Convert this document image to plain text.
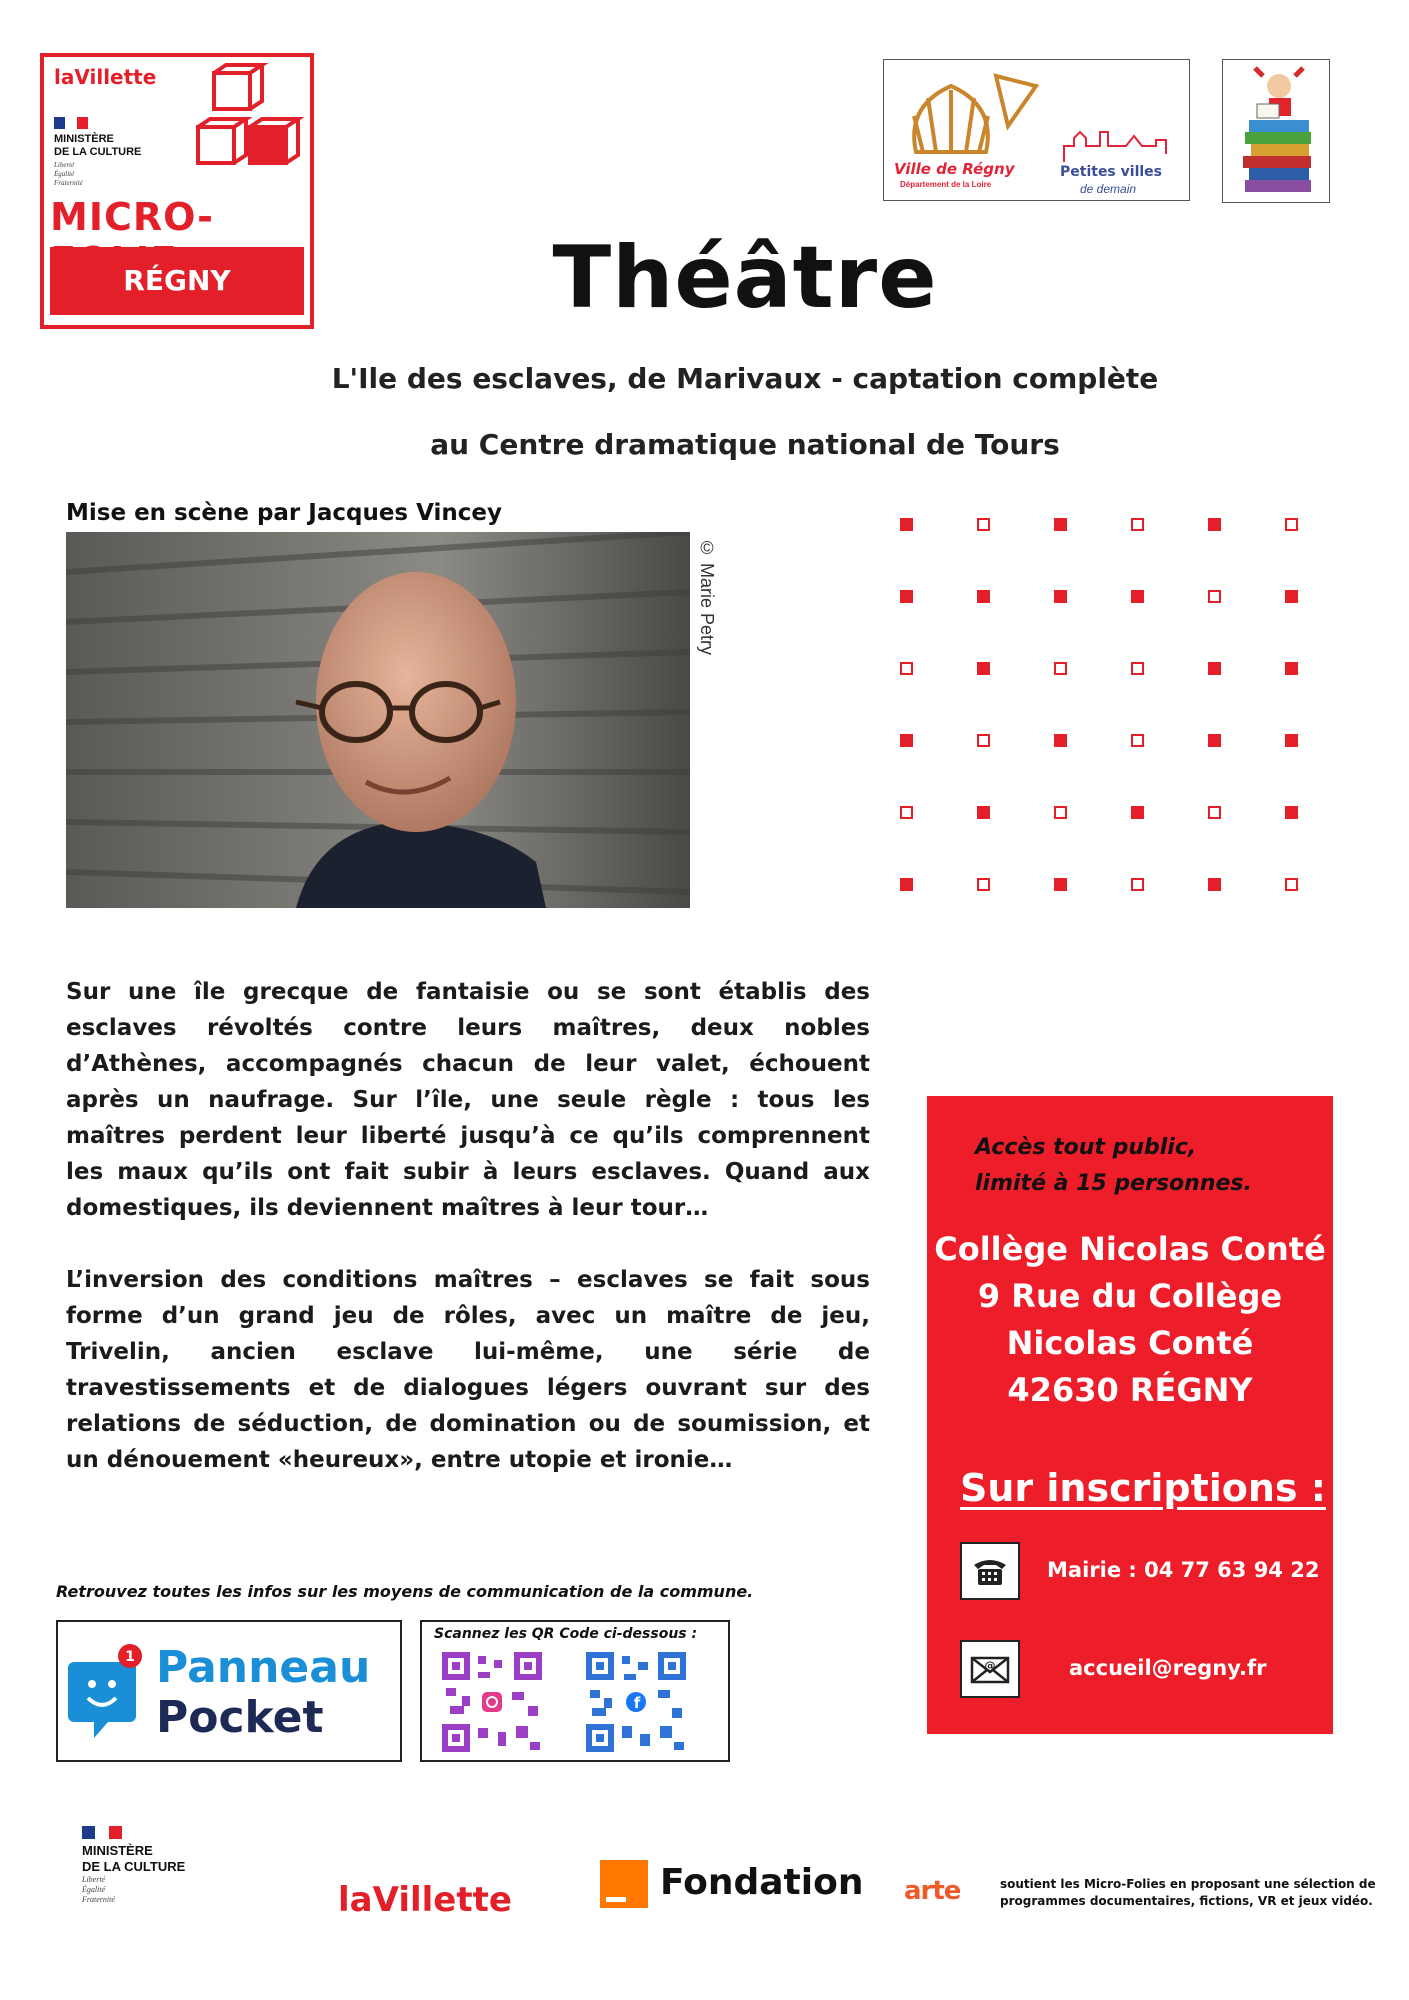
laVillette
MINISTÈRE
DE LA CULTURE
Liberté
Égalité
Fraternité
MICRO-
RÉGNY
Ville de Régny
Département de la Loire
Petites villes
de demain
Théâtre
L'Ile des esclaves, de Marivaux - captation complète
au Centre dramatique national de Tours
Mise en scène par Jacques Vincey
© Marie Petry
Sur une île grecque de fantaisie ou se sont établis des esclaves révoltés contre leurs maîtres, deux nobles d’Athènes, accompagnés chacun de leur valet, échouent après un naufrage. Sur l’île, une seule règle : tous les maîtres perdent leur liberté jusqu’à ce qu’ils comprennent les maux qu’ils ont fait subir à leurs esclaves. Quand aux domestiques, ils deviennent maîtres à leur tour…
L’inversion des conditions maîtres – esclaves se fait sous forme d’un grand jeu de rôles, avec un maître de jeu, Trivelin, ancien esclave lui-même, une série de travestissements et de dialogues légers ouvrant sur des relations de séduction, de domination ou de soumission, et un dénouement «heureux», entre utopie et ironie…
Accès tout public,
limité à 15 personnes.
Collège Nicolas Conté
9 Rue du Collège
Nicolas Conté
42630 RÉGNY
Sur inscriptions :
Mairie : 04 77 63 94 22
@	accueil@regny.fr
Retrouvez toutes les infos sur les moyens de communication de la commune.
1 Panneau
Pocket
Scannez les QR Code ci-dessous :
f
MINISTÈRE
DE LA CULTURE
Liberté
Égalité
Fraternité	laVillette	Fondation arte	soutient les Micro-Folies en proposant une sélection de programmes documentaires, fictions, VR et jeux vidéo.
